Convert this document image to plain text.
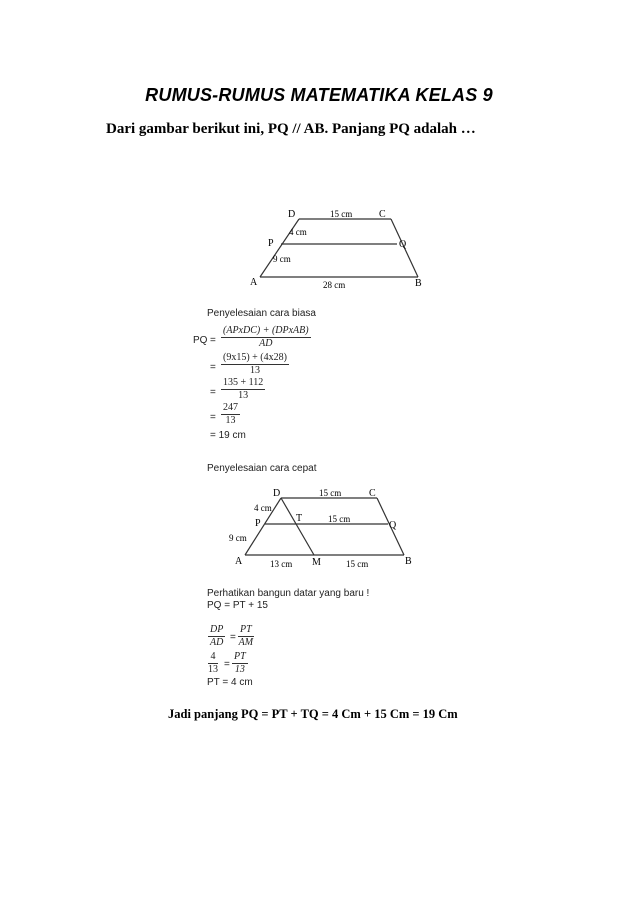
RUMUS-RUMUS MATEMATIKA KELAS 9
Dari gambar berikut ini, PQ // AB. Panjang PQ adalah …
D	C
P	Q
A	B
15 cm
4 cm
9 cm
28 cm
Penyelesaian cara biasa
PQ =
(APxDC) + (DPxAB)
AD
= $\frac{(9x15) + (4x28)}{13}$
= $\frac{135 + 112}{13}$
= $\frac{247}{13}$
= 19 cm
Penyelesaian cara cepat
D	C
P	T
Q
A	M	B
15 cm
4 cm
15 cm
9 cm
13 cm	15 cm
Perhatikan bangun datar yang baru !
PQ = PT + 15
$\frac{DP}{AD} = \frac{PT}{AM}$
$\frac{4}{13} = \frac{PT}{13}$
PT = 4 cm
Jadi panjang PQ = PT + TQ = 4 Cm + 15 Cm = 19 Cm
